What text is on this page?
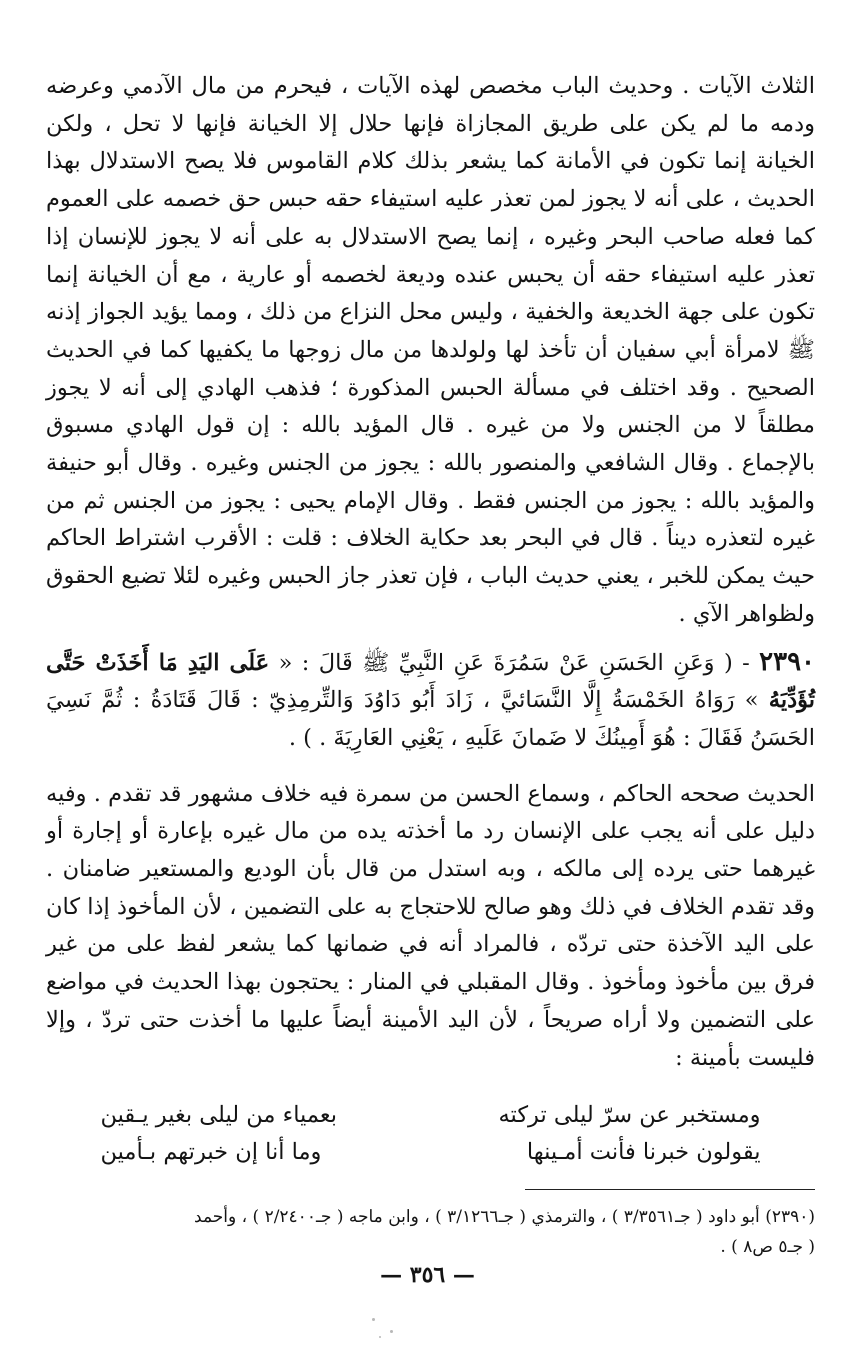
الثلاث الآيات . وحديث الباب مخصص لهذه الآيات ، فيحرم من مال الآدمي وعرضه ودمه ما لم يكن على طريق المجازاة فإنها حلال إلا الخيانة فإنها لا تحل ، ولكن الخيانة إنما تكون في الأمانة كما يشعر بذلك كلام القاموس فلا يصح الاستدلال بهذا الحديث ، على أنه لا يجوز لمن تعذر عليه استيفاء حقه حبس حق خصمه على العموم كما فعله صاحب البحر وغيره ، إنما يصح الاستدلال به على أنه لا يجوز للإنسان إذا تعذر عليه استيفاء حقه أن يحبس عنده وديعة لخصمه أو عارية ، مع أن الخيانة إنما تكون على جهة الخديعة والخفية ، وليس محل النزاع من ذلك ، ومما يؤيد الجواز إذنه ﷺ لامرأة أبي سفيان أن تأخذ لها ولولدها من مال زوجها ما يكفيها كما في الحديث الصحيح . وقد اختلف في مسألة الحبس المذكورة ؛ فذهب الهادي إلى أنه لا يجوز مطلقاً لا من الجنس ولا من غيره . قال المؤيد بالله : إن قول الهادي مسبوق بالإجماع . وقال الشافعي والمنصور بالله : يجوز من الجنس وغيره . وقال أبو حنيفة والمؤيد بالله : يجوز من الجنس فقط . وقال الإمام يحيى : يجوز من الجنس ثم من غيره لتعذره ديناً . قال في البحر بعد حكاية الخلاف : قلت : الأقرب اشتراط الحاكم حيث يمكن للخبر ، يعني حديث الباب ، فإن تعذر جاز الحبس وغيره لئلا تضيع الحقوق ولظواهر الآي .

٢٣٩٠ - ( وَعَنِ الحَسَنِ عَنْ سَمُرَةَ عَنِ النَّبِيِّ ﷺ قَالَ : « عَلَى اليَدِ مَا أَخَذَتْ حَتَّى تُؤَدِّيَهُ » رَوَاهُ الخَمْسَةُ إِلَّا النَّسَائيَّ ، زَادَ أَبُو دَاوُدَ وَالتِّرمِذِيّ : قَالَ قَتَادَةُ : ثُمَّ نَسِيَ الحَسَنُ فَقَالَ : هُوَ أَمِينُكَ لا ضَمانَ عَلَيهِ ، يَعْنِي العَارِيَةَ . ) .

الحديث صححه الحاكم ، وسماع الحسن من سمرة فيه خلاف مشهور قد تقدم . وفيه دليل على أنه يجب على الإنسان رد ما أخذته يده من مال غيره بإعارة أو إجارة أو غيرهما حتى يرده إلى مالكه ، وبه استدل من قال بأن الوديع والمستعير ضامنان . وقد تقدم الخلاف في ذلك وهو صالح للاحتجاج به على التضمين ، لأن المأخوذ إذا كان على اليد الآخذة حتى تردّه ، فالمراد أنه في ضمانها كما يشعر لفظ على من غير فرق بين مأخوذ ومأخوذ . وقال المقبلي في المنار : يحتجون بهذا الحديث في مواضع على التضمين ولا أراه صريحاً ، لأن اليد الأمينة أيضاً عليها ما أخذت حتى تردّ ، وإلا فليست بأمينة :

ومستخبر عن سرّ ليلى تركته
بعمياء من ليلى بغير يـقين
يقولون خبرنا فأنت أمـينها
وما أنا إن خبرتهم بـأمين

(٢٣٩٠) أبو داود ( جـ٣/٣٥٦١ ) ، والترمذي ( جـ٣/١٢٦٦ ) ، وابن ماجه ( جـ٢/٢٤٠٠ ) ، وأحمد
( جـ٥ ص٨ ) .

— ٣٥٦ —
